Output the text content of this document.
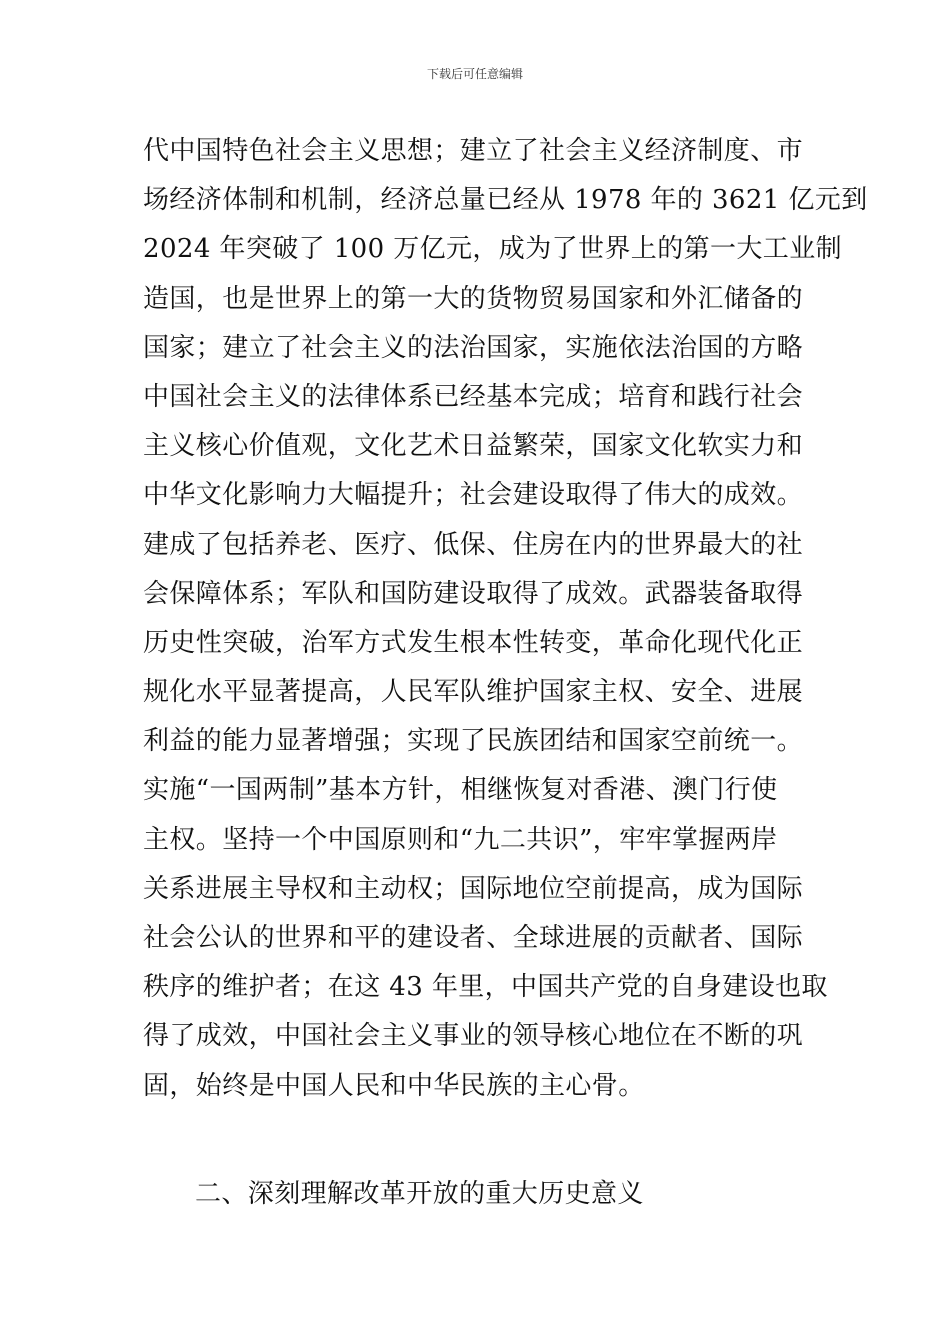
下载后可任意编辑
代中国特色社会主义思想；建立了社会主义经济制度、市
场经济体制和机制，经济总量已经从 1978 年的 3621 亿元到
2024 年突破了 100 万亿元，成为了世界上的第一大工业制
造国，也是世界上的第一大的货物贸易国家和外汇储备的
国家；建立了社会主义的法治国家，实施依法治国的方略
中国社会主义的法律体系已经基本完成；培育和践行社会
主义核心价值观，文化艺术日益繁荣，国家文化软实力和
中华文化影响力大幅提升；社会建设取得了伟大的成效。
建成了包括养老、医疗、低保、住房在内的世界最大的社
会保障体系；军队和国防建设取得了成效。武器装备取得
历史性突破，治军方式发生根本性转变，革命化现代化正
规化水平显著提高，人民军队维护国家主权、安全、进展
利益的能力显著增强；实现了民族团结和国家空前统一。
实施“一国两制”基本方针，相继恢复对香港、澳门行使
主权。坚持一个中国原则和“九二共识”，牢牢掌握两岸
关系进展主导权和主动权；国际地位空前提高，成为国际
社会公认的世界和平的建设者、全球进展的贡献者、国际
秩序的维护者；在这 43 年里，中国共产党的自身建设也取
得了成效，中国社会主义事业的领导核心地位在不断的巩
固，始终是中国人民和中华民族的主心骨。
二、深刻理解改革开放的重大历史意义
